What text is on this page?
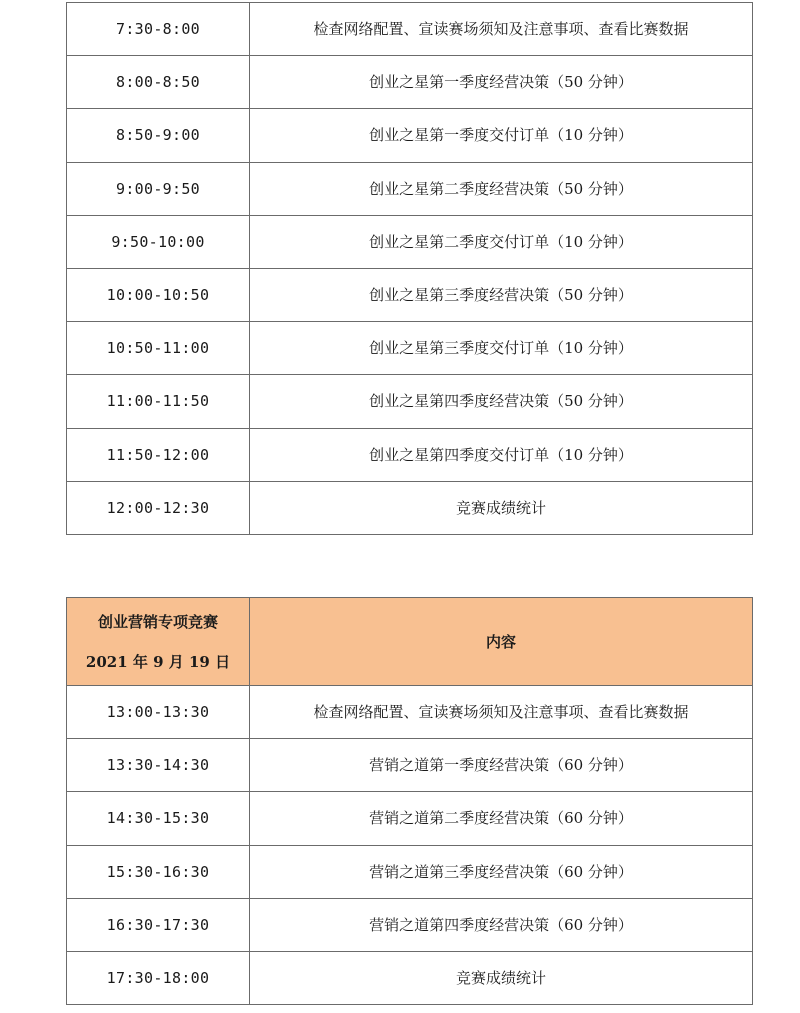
7:30-8:00	检查网络配置、宣读赛场须知及注意事项、查看比赛数据
8:00-8:50	创业之星第一季度经营决策（50 分钟）
8:50-9:00	创业之星第一季度交付订单（10 分钟）
9:00-9:50	创业之星第二季度经营决策（50 分钟）
9:50-10:00	创业之星第二季度交付订单（10 分钟）
10:00-10:50	创业之星第三季度经营决策（50 分钟）
10:50-11:00	创业之星第三季度交付订单（10 分钟）
11:00-11:50	创业之星第四季度经营决策（50 分钟）
11:50-12:00	创业之星第四季度交付订单（10 分钟）
12:00-12:30	竞赛成绩统计
创业营销专项竞赛
2021 年 9 月 19 日	内容
13:00-13:30	检查网络配置、宣读赛场须知及注意事项、查看比赛数据
13:30-14:30	营销之道第一季度经营决策（60 分钟）
14:30-15:30	营销之道第二季度经营决策（60 分钟）
15:30-16:30	营销之道第三季度经营决策（60 分钟）
16:30-17:30	营销之道第四季度经营决策（60 分钟）
17:30-18:00	竞赛成绩统计
